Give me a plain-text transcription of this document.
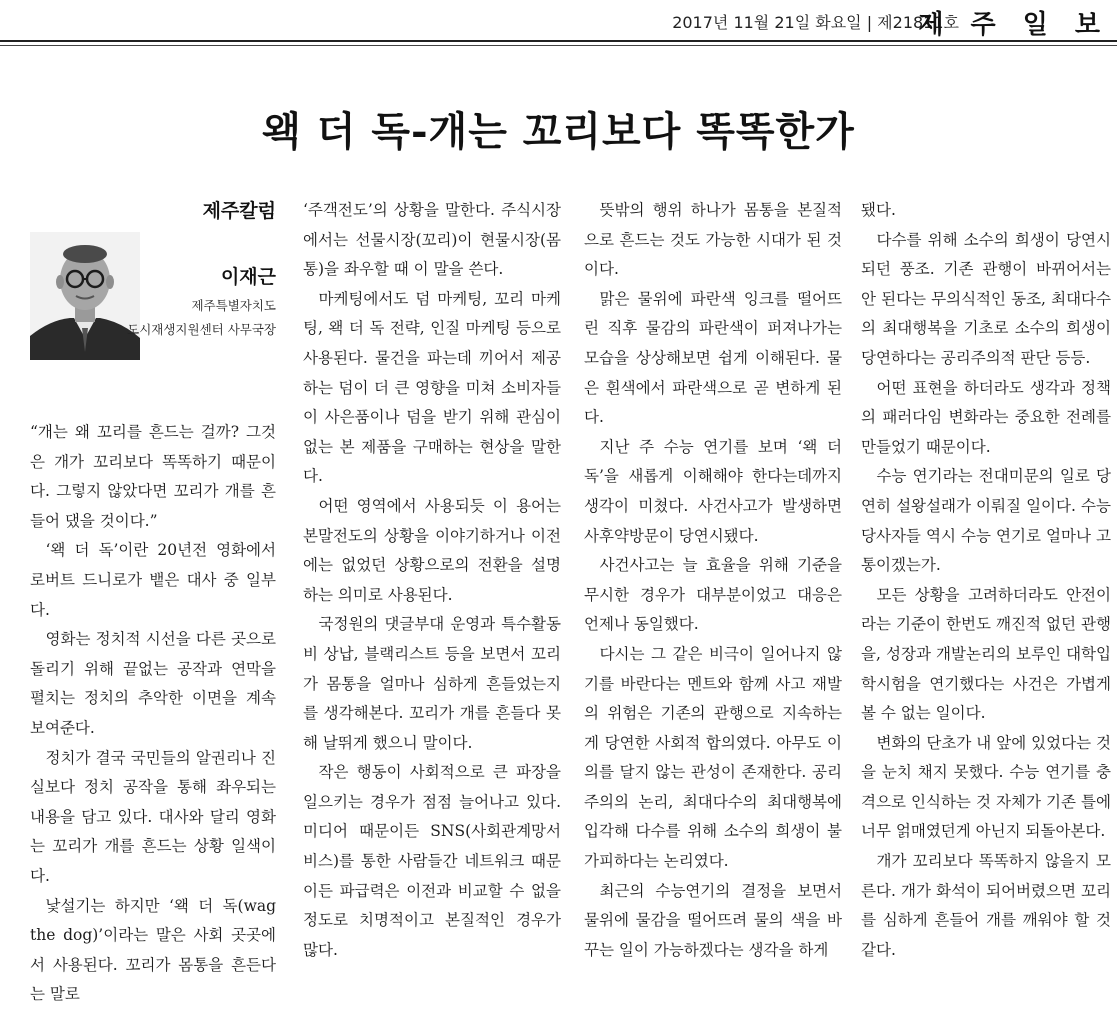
2017년 11월 21일 화요일 | 제21811호
제 주 일 보
왝 더 독-개는 꼬리보다 똑똑한가
제주칼럼
이재근
제주특별자치도
도시재생지원센터 사무국장

“개는 왜 꼬리를 흔드는 걸까? 그것은 개가 꼬리보다 똑똑하기 때문이다. 그렇지 않았다면 꼬리가 개를 흔들어 댔을 것이다.”

‘왝 더 독’이란 20년전 영화에서 로버트 드니로가 뱉은 대사 중 일부다.

영화는 정치적 시선을 다른 곳으로 돌리기 위해 끝없는 공작과 연막을 펼치는 정치의 추악한 이면을 계속 보여준다.

정치가 결국 국민들의 알권리나 진실보다 정치 공작을 통해 좌우되는 내용을 담고 있다. 대사와 달리 영화는 꼬리가 개를 흔드는 상황 일색이다.

낯설기는 하지만 ‘왝 더 독(wag the dog)’이라는 말은 사회 곳곳에서 사용된다. 꼬리가 몸통을 흔든다는 말로

‘주객전도’의 상황을 말한다. 주식시장에서는 선물시장(꼬리)이 현물시장(몸통)을 좌우할 때 이 말을 쓴다.

마케팅에서도 덤 마케팅, 꼬리 마케팅, 왝 더 독 전략, 인질 마케팅 등으로 사용된다. 물건을 파는데 끼어서 제공하는 덤이 더 큰 영향을 미쳐 소비자들이 사은품이나 덤을 받기 위해 관심이 없는 본 제품을 구매하는 현상을 말한다.

어떤 영역에서 사용되듯 이 용어는 본말전도의 상황을 이야기하거나 이전에는 없었던 상황으로의 전환을 설명하는 의미로 사용된다.

국정원의 댓글부대 운영과 특수활동비 상납, 블랙리스트 등을 보면서 꼬리가 몸통을 얼마나 심하게 흔들었는지를 생각해본다. 꼬리가 개를 흔들다 못해 날뛰게 했으니 말이다.

작은 행동이 사회적으로 큰 파장을 일으키는 경우가 점점 늘어나고 있다. 미디어 때문이든 SNS(사회관계망서비스)를 통한 사람들간 네트워크 때문이든 파급력은 이전과 비교할 수 없을 정도로 치명적이고 본질적인 경우가 많다.

뜻밖의 행위 하나가 몸통을 본질적으로 흔드는 것도 가능한 시대가 된 것이다.

맑은 물위에 파란색 잉크를 떨어뜨린 직후 물감의 파란색이 퍼져나가는 모습을 상상해보면 쉽게 이해된다. 물은 흰색에서 파란색으로 곧 변하게 된다.

지난 주 수능 연기를 보며 ‘왝 더 독’을 새롭게 이해해야 한다는데까지 생각이 미쳤다. 사건사고가 발생하면 사후약방문이 당연시됐다.

사건사고는 늘 효율을 위해 기준을 무시한 경우가 대부분이었고 대응은 언제나 동일했다.

다시는 그 같은 비극이 일어나지 않기를 바란다는 멘트와 함께 사고 재발의 위험은 기존의 관행으로 지속하는 게 당연한 사회적 합의였다. 아무도 이의를 달지 않는 관성이 존재한다. 공리주의의 논리, 최대다수의 최대행복에 입각해 다수를 위해 소수의 희생이 불가피하다는 논리였다.

최근의 수능연기의 결정을 보면서 물위에 물감을 떨어뜨려 물의 색을 바꾸는 일이 가능하겠다는 생각을 하게

됐다.

다수를 위해 소수의 희생이 당연시되던 풍조. 기존 관행이 바뀌어서는 안 된다는 무의식적인 동조, 최대다수의 최대행복을 기초로 소수의 희생이 당연하다는 공리주의적 판단 등등.

어떤 표현을 하더라도 생각과 정책의 패러다임 변화라는 중요한 전례를 만들었기 때문이다.

수능 연기라는 전대미문의 일로 당연히 설왕설래가 이뤄질 일이다. 수능 당사자들 역시 수능 연기로 얼마나 고통이겠는가.

모든 상황을 고려하더라도 안전이라는 기준이 한번도 깨진적 없던 관행을, 성장과 개발논리의 보루인 대학입학시험을 연기했다는 사건은 가볍게 볼 수 없는 일이다.

변화의 단초가 내 앞에 있었다는 것을 눈치 채지 못했다. 수능 연기를 충격으로 인식하는 것 자체가 기존 틀에 너무 얽매였던게 아닌지 되돌아본다.

개가 꼬리보다 똑똑하지 않을지 모른다. 개가 화석이 되어버렸으면 꼬리를 심하게 흔들어 개를 깨워야 할 것 같다.
